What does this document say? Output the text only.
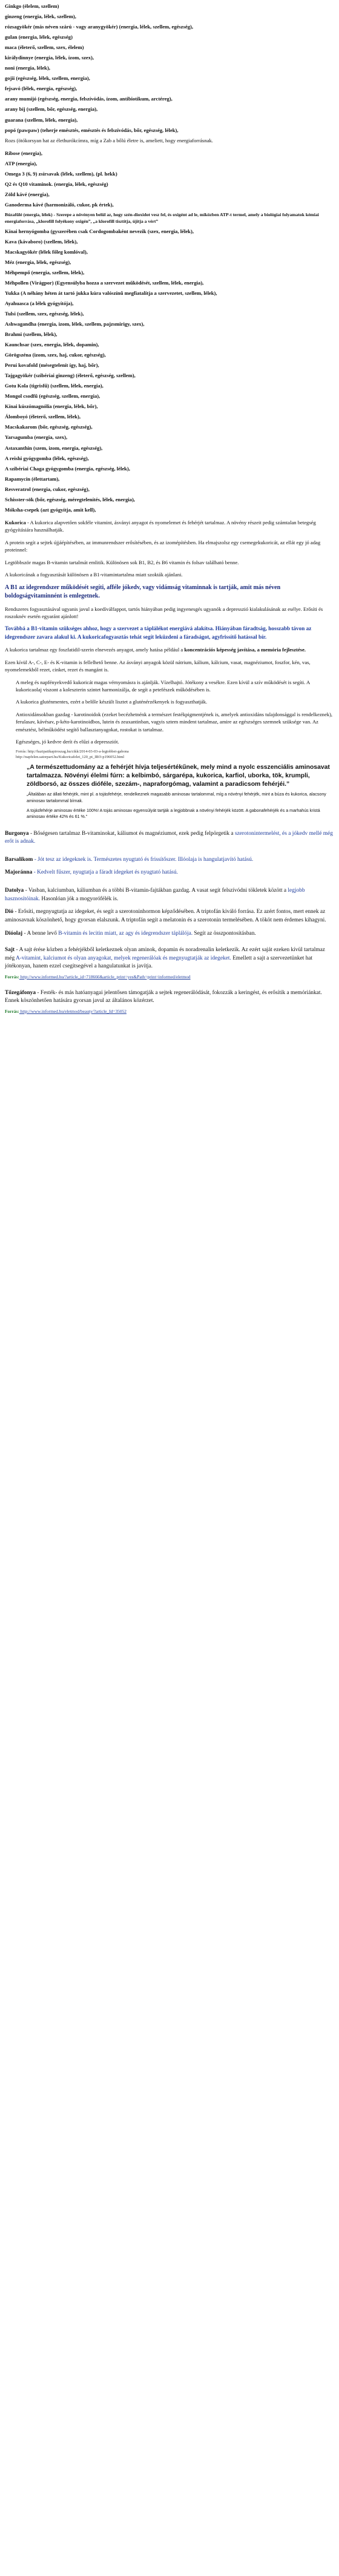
Ginkgo (élelem, szellem)

ginzeng (energia, lélek, szellem),

rózsagyökér (más néven szárú - vagy aranygyökér) (energia, lélek, szellem, egészség),

gulan (energia, lélek, egészség)

maca (életerő, szellem, szex, élelem)

királydinnye (energia, lélek, ízom, szex),

noni (energia, lélek),

gojii (egészség, lélek, szellem, energia),

fejsavó (lélek, energia, egészség),

arany mumijó (egészség, energia, felszívódás, ízom, antibiotikum, arctéreg),

arany bíj (szellem, bőr, egészség, energia),

guarana (szellem, lélek, energia),

popó (pawpaw) (teherje emésztés, emésztés és felszívódás, bőr, egészség, lélek),

Rozs (ötókorsyan hat az élethurókcímra, míg a Zab a bőlú életre is, ameliett, hogy energiaforrásnak.

Ribose (energia),

ATP (energia),

Omega 3 (6, 9) zsírsavak (lélek, szellem), (pl. hekk)

Q2 és Q10 vitaminok. (energia, lélek, egészség)

Zöld kávé (energia),

Ganoderma kávé (harmonizáló, cukor, pk értek),

Búzafűlé (energia, lélek) - Szerepe a növényen belül az, hogy szén-dioxidot vesz fel, és oxigént ad le, miközben ATP-t termel, amely a biológiai folyamatok kémiai energiaforrása, „klorofill folyékony oxigén”, „a klorofill tisztítja, újítja a vért”

Kínai hernyógomba (gyszerében csak Cordogombaként nevezik (szex, energia, lélek),

Kava (kávaboro) (szellem, lélek),

Macskagyökér (lélek főleg komlóval),

Méz (energia, lélek, egészség),

Méhpempő (energia, szellem, lélek),

Méhpollen (Virágpor) (Egyensúlyba hozza a szervezet működését, szellem, lélek, energia),

Yukka (A néhány héten át tartó jukka kúra valószínű megfiatalítja a szervezetet, szellem, lélek),

Ayahuasca (a lélek gyógyítója),

Tulsi (szellem, szex, egészség, lélek),

Ashwagandha (energia, izom, lélek, szellem, pajzsmirigy, szex),

Brahmi (szellem, lélek),

Kaunchsar (szex, energia, lélek, dopamin),

Görögszéna (izom, szex, haj, cukor, egészség),

Peruí kovafold (mésegtelenít így, haj, bőr),

Tajgagyökér (szibériai ginzeng) (életerő, egészség, szellem),

Gotu Kola (tigrisfű) (szellem, lélek, energia),

Mongol csodfű (egészség, szellem, energia),

Kínai kúszómagnólia (energia, lélek, bőr),

Álomboyó (életerő, szellem, lélek),

Macskakarom (bőr, egészség, egészség),

Yarsagumba (energia, szex),

Astaxanthin (szem, izom, energia, egészség),

A reishi gyógygomba (lélek, egészség),

A szibériai Chaga gyógygomba (energia, egészség, lélek),

Rapamycin (élettartam),

Resveratrol (energia, cukor, egészség),

Schisster-sök (bőr, egészség, méregtelenítés, lélek, energia),

Móksha-csepek (azt gyógyítja, amit kell),

Kukorica - A kukorica alapvetően sokféle vitamint, ásványi anyagot és nyomelemet és fehérjét tartalmaz. A növény részeit pedig számtalan betegség gyógyításiára használhatják.

A protein segít a sejtek újjáépítésében, az immunrendszer erősítésében, és az izomépítésben. Ha elmajszolsz egy csemegekukoricát, az ellát egy jó adag proteinnel:

Legtöbbször magas B-vitamin tartalmát emlitik. Különösen sok B1, B2, és B6 vitamin és folsav található benne.

A kukoricának a fogyasztását különösen a B1-vitamintartalma miatt szokták ajánlani.

A B1 az idegrendszer működését segíti, afféle jókedv, vagy vidámság vitaminnak is tartják, amit más néven boldogságvitaminnént is emlegetnek.

Rendszeres fogyasztásával ugyanis javul a koedíválfappot, tartós hiányában pedig ingyenesgés ugyanók a depresszió kialakulásának az esélye. Erősíti és roszoknév esetén egyaránt ajánlott!

Továbbá a B1-vitamin szükséges ahhoz, hogy a szervezet a táplálékot energiává alakítsa. Hiányában fáradtság, hosszabb távon az idegrendszer zavara alakul ki. A kukoricafogyasztás tehát segít leküzdeni a fáradságot, agyfrissítő hatással bír.

A kukorica tartalmaz egy foszfatidil-szerin elnevezés anyagot, amely hatása például a koncentrációs képesség javítása, a memória fejlesztése.

Ezen kívül A-, C-, E- és K-vitamin is fellelhető benne. Az ásványi anyagok közül nátrium, kálium, kálcium, vasat, magnéziumot, foszfor, kén, vas, nyomelemekből rezet, cinket, rezet és mangánt is.

A meleg és napfényekvedő kukoricát magas vérnyomásra is ajánlják. Vízelhajtó. Jótékony a vesékre. Ezen kívül a szív működését is segíti. A kukoricaolaj viszont a koleszterin szintet harmonizálja, de segít a petefészek működésében is.

A kukorica gluténmentes, ezért a belőle készült lisztet a gluténérzékenyek is fogyaszthatják.

Antioxidánsokban gazdag - karotinoidok (ezeket becézhetnénk a természet festékpigmentjének is, amelyek antioxidáns tulajdonsággal is rendelkeznek), ferulasav, kávésav, p-kéto-karotinoidbos, lutein és zeaxantinban, vagyis sztem mindent tartalmaz, amire az egészséges szemnek szüksége van. Az emésztést, bélműködést segítő ballasztanyagokat, rostokat is tartalmaz.

Egészséges, jó kedvre derít és elűzi a depressziót.

Forrás: http://hazipatikapiroszag.hu/cikk/2014-03-03-a-legtobbet-gabona

http://napfelen.satorpart.hu/Kukoricafelet_120_pt_IRO-p196052.html

„A természettudomány az a fehérjét hívja teljesértékűnek, mely mind a nyolc esszenciális aminosavat tartalmazza. Növényi élelmi fúrn: a kelbimbó, sárgarépa, kukorica, karfiol, uborka, tök, krumpli, zöldborsó, az összes dióféle, szezám-, napraforgómag, valamint a paradicsom fehérjéi.”

„Általában az állati fehérjék, mint pl. a tojásfehérje, rendelkeznek magasabb aminosav tartalommal, míg a növényi fehérjék, mint a búza és kukorica, alacsony aminosav tartalommal bírnak.

A tojásfehérje aminosav értéke 100%! A tojás aminosav egyensúlyát tartják a legjobbnak a növényi fehérjék között. A gabonafehérjék és a marhahús kristá aminosav értéke 42% és 61 %.”

Burgonya - Bőségesen tartalmaz B-vitaminokat, káliumot és magnéziumot, ezek pedig felpörgetik a szerotonintermelést, és a jókedv mellé még erőt is adnak.

Barsalikom - Jót tesz az idegeknek is. Természetes nyugtató és frissítőszer. Illóolaja is hangulatjavító hatású.

Majoránna - Kedvelt fűszer, nyugtatja a fáradt idegeket és nyugtató hatású.

Datolya - Vasban, kalciumban, káliumban és a többi B-vitamin-fajtákban gazdag. A vasat segít felszívódni tökletek között a legjobb hasznosítóinak. Hasonlóan jók a mogyorófélék is.

Dió - Erősíti, megnyugtatja az idegeket, és segít a szerotoninhormon képződésében. A triptofán kiváló forrása. Ez azért fontos, mert ennek az aminosavnak köszönhető, hogy gyorsan elalszunk. A triptofán segít a melatonin és a szerotonin termelésében. A tököt nem érdemes kihagyni.

Dióolaj - A benne levő B-vitamin és lecitin miatt, az agy és idegrendszer táplálója. Segít az összpontosításban.

Sajt - A sajt érése közben a fehérjékből keletkeznek olyan aminok, dopamin és noradrenalin keletkezik. Az ezért saját ezeken kívül tartalmaz még A-vitamint, kalciumot és olyan anyagokat, melyek regenerálóak és megnyugtatják az idegeket. Emellett a sajt a szervezetünket hat jótékonyan, hanem ezzel csegitsegével a hangulatunkat is javítja.

Forrás: http://www.informed.hu/?article_id=718666&article_print=yes&Path=print=informed/eletmod

Tőzegáfonya - Festék- és más hatóanyagai jelentősen támogatják a sejtek regenerálódását, fokozzák a keringést, és erősítik a memóriánkat. Ennek köszönhetően hatására gyorsan javul az általános közérzet.

Forrás: http://www.informed.hu/eletmod/beauty/?article_Id=35052
